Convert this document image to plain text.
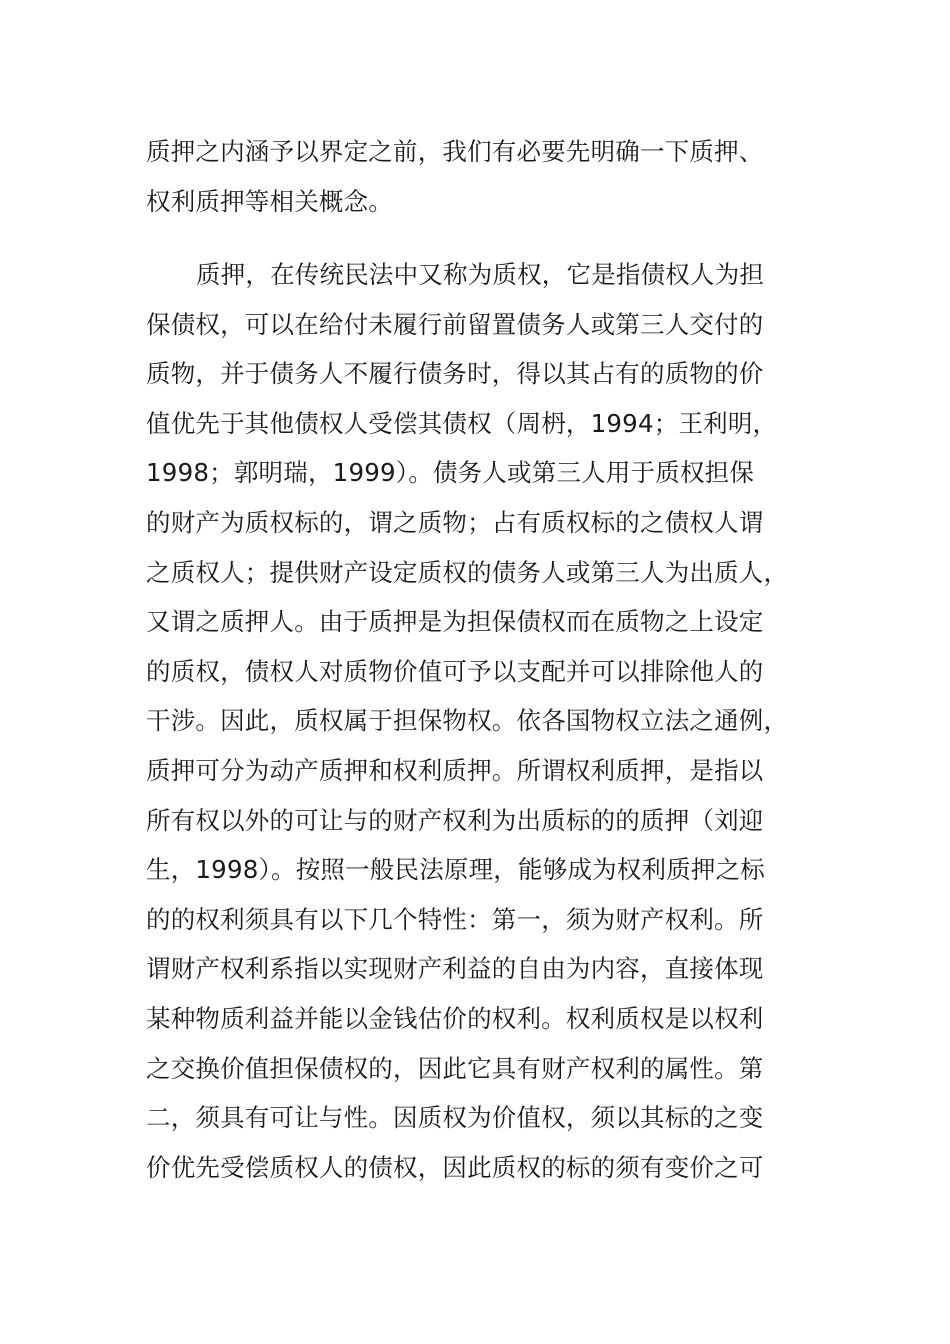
质押之内涵予以界定之前，我们有必要先明确一下质押、
权利质押等相关概念。
质押，在传统民法中又称为质权，它是指债权人为担
保债权，可以在给付未履行前留置债务人或第三人交付的
质物，并于债务人不履行债务时，得以其占有的质物的价
值优先于其他债权人受偿其债权（周枬，1994；王利明，
1998；郭明瑞，1999）。债务人或第三人用于质权担保
的财产为质权标的，谓之质物；占有质权标的之债权人谓
之质权人；提供财产设定质权的债务人或第三人为出质人，
又谓之质押人。由于质押是为担保债权而在质物之上设定
的质权，债权人对质物价值可予以支配并可以排除他人的
干涉。因此，质权属于担保物权。依各国物权立法之通例，
质押可分为动产质押和权利质押。所谓权利质押，是指以
所有权以外的可让与的财产权利为出质标的的质押（刘迎
生，1998）。按照一般民法原理，能够成为权利质押之标
的的权利须具有以下几个特性：第一，须为财产权利。所
谓财产权利系指以实现财产利益的自由为内容，直接体现
某种物质利益并能以金钱估价的权利。权利质权是以权利
之交换价值担保债权的，因此它具有财产权利的属性。第
二，须具有可让与性。因质权为价值权，须以其标的之变
价优先受偿质权人的债权，因此质权的标的须有变价之可
